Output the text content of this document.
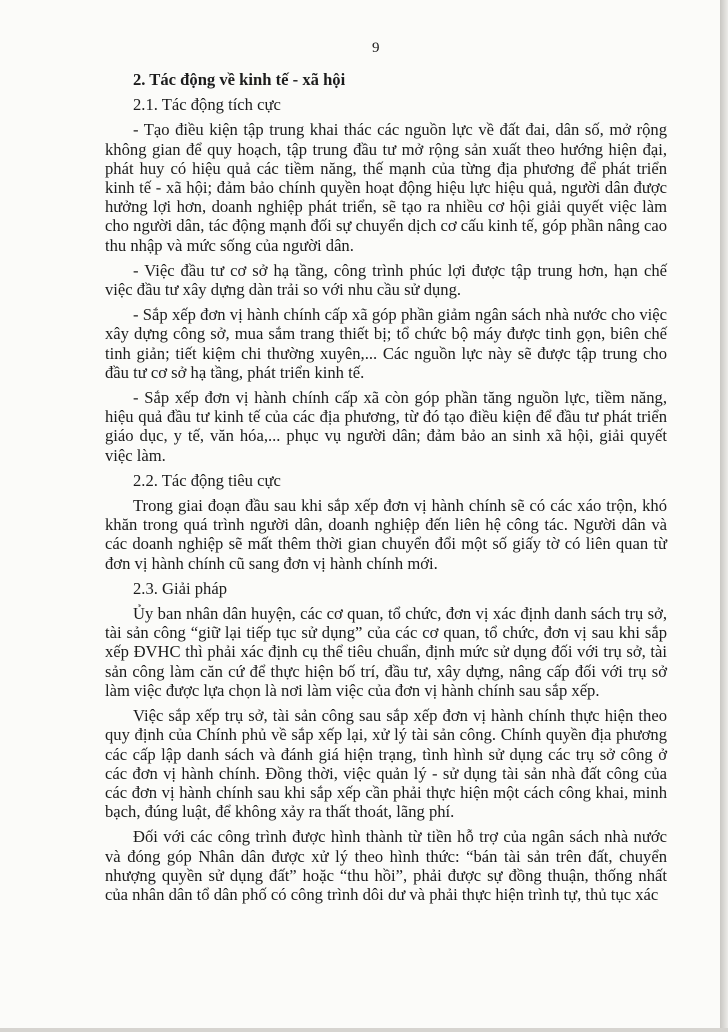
9
2. Tác động về kinh tế - xã hội
2.1. Tác động tích cực

- Tạo điều kiện tập trung khai thác các nguồn lực về đất đai, dân số, mở rộng không gian để quy hoạch, tập trung đầu tư mở rộng sản xuất theo hướng hiện đại, phát huy có hiệu quả các tiềm năng, thế mạnh của từng địa phương để phát triển kinh tế - xã hội; đảm bảo chính quyền hoạt động hiệu lực hiệu quả, người dân được hưởng lợi hơn, doanh nghiệp phát triển, sẽ tạo ra nhiều cơ hội giải quyết việc làm cho người dân, tác động mạnh đối sự chuyển dịch cơ cấu kinh tế, góp phần nâng cao thu nhập và mức sống của người dân.

- Việc đầu tư cơ sở hạ tầng, công trình phúc lợi được tập trung hơn, hạn chế việc đầu tư xây dựng dàn trải so với nhu cầu sử dụng.

- Sắp xếp đơn vị hành chính cấp xã góp phần giảm ngân sách nhà nước cho việc xây dựng công sở, mua sắm trang thiết bị; tổ chức bộ máy được tinh gọn, biên chế tinh giản; tiết kiệm chi thường xuyên,... Các nguồn lực này sẽ được tập trung cho đầu tư cơ sở hạ tầng, phát triển kinh tế.

- Sắp xếp đơn vị hành chính cấp xã còn góp phần tăng nguồn lực, tiềm năng, hiệu quả đầu tư kinh tế của các địa phương, từ đó tạo điều kiện để đầu tư phát triển giáo dục, y tế, văn hóa,... phục vụ người dân; đảm bảo an sinh xã hội, giải quyết việc làm.

2.2. Tác động tiêu cực

Trong giai đoạn đầu sau khi sắp xếp đơn vị hành chính sẽ có các xáo trộn, khó khăn trong quá trình người dân, doanh nghiệp đến liên hệ công tác. Người dân và các doanh nghiệp sẽ mất thêm thời gian chuyển đổi một số giấy tờ có liên quan từ đơn vị hành chính cũ sang đơn vị hành chính mới.

2.3. Giải pháp

Ủy ban nhân dân huyện, các cơ quan, tổ chức, đơn vị xác định danh sách trụ sở, tài sản công “giữ lại tiếp tục sử dụng” của các cơ quan, tổ chức, đơn vị sau khi sắp xếp ĐVHC thì phải xác định cụ thể tiêu chuẩn, định mức sử dụng đối với trụ sở, tài sản công làm căn cứ để thực hiện bố trí, đầu tư, xây dựng, nâng cấp đối với trụ sở làm việc được lựa chọn là nơi làm việc của đơn vị hành chính sau sắp xếp.

Việc sắp xếp trụ sở, tài sản công sau sắp xếp đơn vị hành chính thực hiện theo quy định của Chính phủ về sắp xếp lại, xử lý tài sản công. Chính quyền địa phương các cấp lập danh sách và đánh giá hiện trạng, tình hình sử dụng các trụ sở công ở các đơn vị hành chính. Đồng thời, việc quản lý - sử dụng tài sản nhà đất công của các đơn vị hành chính sau khi sắp xếp cần phải thực hiện một cách công khai, minh bạch, đúng luật, để không xảy ra thất thoát, lãng phí.

Đối với các công trình được hình thành từ tiền hỗ trợ của ngân sách nhà nước và đóng góp Nhân dân được xử lý theo hình thức: “bán tài sản trên đất, chuyển nhượng quyền sử dụng đất” hoặc “thu hồi”, phải được sự đồng thuận, thống nhất của nhân dân tổ dân phố có công trình dôi dư và phải thực hiện trình tự, thủ tục xác
